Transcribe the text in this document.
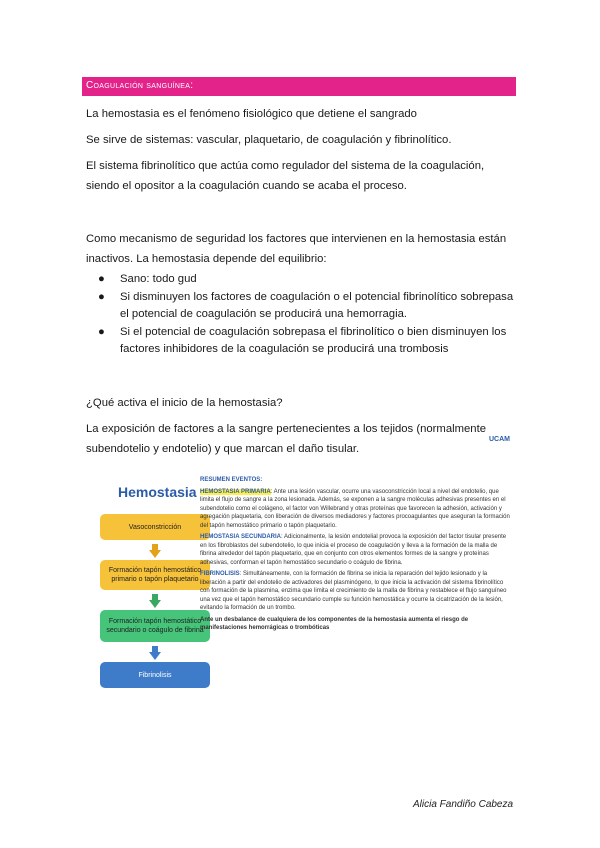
Coagulación sanguínea:

La hemostasia es el fenómeno fisiológico que detiene el sangrado

Se sirve de sistemas: vascular, plaquetario, de coagulación y fibrinolítico.

El sistema fibrinolítico que actúa como regulador del sistema de la coagulación, siendo el opositor a la coagulación cuando se acaba el proceso.

Como mecanismo de seguridad los factores que intervienen en la hemostasia están inactivos. La hemostasia depende del equilibrio:

● Sano: todo gud
● Si disminuyen los factores de coagulación o el potencial fibrinolítico sobrepasa el potencial de coagulación se producirá una hemorragia.
● Si el potencial de coagulación sobrepasa el fibrinolítico o bien disminuyen los factores inhibidores de la coagulación se producirá una trombosis

¿Qué activa el inicio de la hemostasia?

La exposición de factores a la sangre pertenecientes a los tejidos (normalmente subendotelio y endotelio) y que marcan el daño tisular.

UCAM
Hemostasia
Vasoconstricción
Formación tapón hemostático primario o tapón plaquetario
Formación tapón hemostático secundario o coágulo de fibrina
Fibrinolisis

RESUMEN EVENTOS:

HEMOSTASIA PRIMARIA: Ante una lesión vascular, ocurre una vasoconstricción local a nivel del endotelio, que limita el flujo de sangre a la zona lesionada. Además, se exponen a la sangre moléculas adhesivas presentes en el subendotelio como el colágeno, el factor von Willebrand y otras proteínas que favorecen la adhesión, activación y agregación plaquetaria, con liberación de diversos mediadores y factores procoagulantes que aseguran la formación del tapón hemostático primario o tapón plaquetario.

HEMOSTASIA SECUNDARIA: Adicionalmente, la lesión endotelial provoca la exposición del factor tisular presente en los fibroblastos del subendotelio, lo que inicia el proceso de coagulación y lleva a la formación de la malla de fibrina alrededor del tapón plaquetario, que en conjunto con otros elementos formes de la sangre y proteínas adhesivas, conforman el tapón hemostático secundario o coágulo de fibrina.

FIBRINOLISIS: Simultáneamente, con la formación de fibrina se inicia la reparación del tejido lesionado y la liberación a partir del endotelio de activadores del plasminógeno, lo que inicia la activación del sistema fibrinolítico con formación de la plasmina, enzima que limita el crecimiento de la malla de fibrina y restablece el flujo sanguíneo una vez que el tapón hemostático secundario cumple su función hemostática y ocurre la cicatrización de la lesión, evitando la formación de un trombo.

Ante un desbalance de cualquiera de los componentes de la hemostasia aumenta el riesgo de manifestaciones hemorrágicas o trombóticas

Alicia Fandiño Cabeza
